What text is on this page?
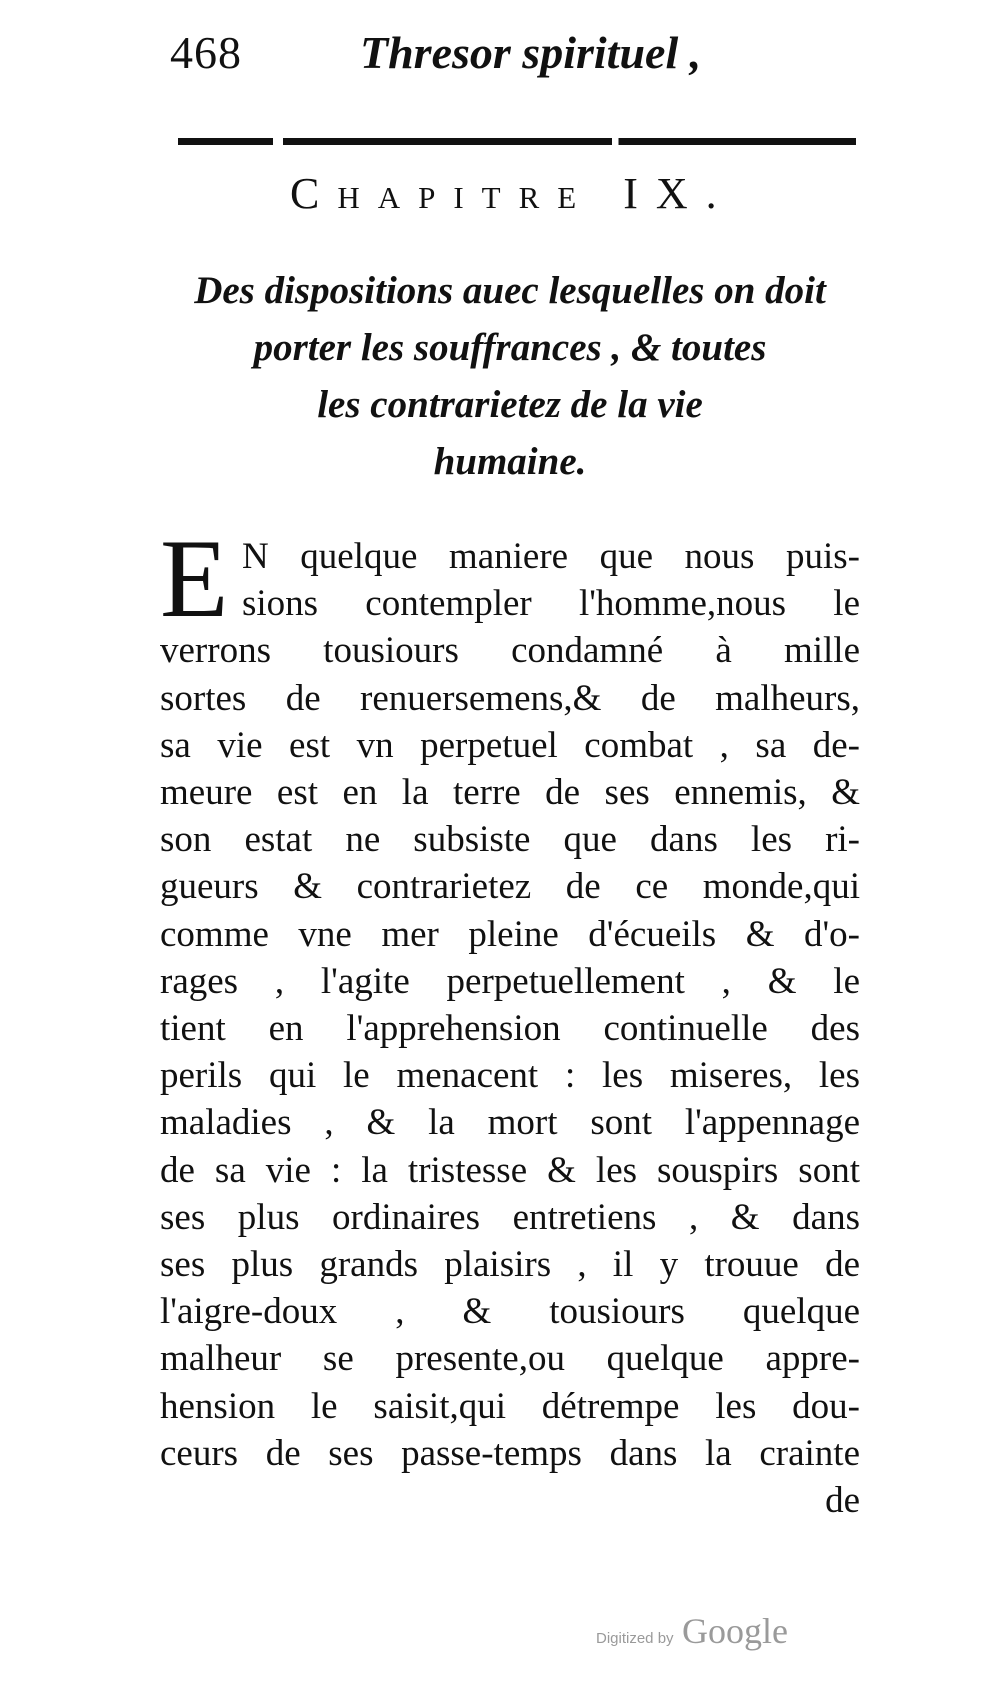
468	Thresor spirituel ,
Chapitre IX.
Des dispositions auec lesquelles on doit
porter les souffrances , & toutes
les contrarietez de la vie
humaine.
E N quelque maniere que nous puis-
sions contempler l'homme,nous le
verrons tousiours condamné à mille
sortes de renuersemens,& de malheurs,
sa vie est vn perpetuel combat , sa de-
meure est en la terre de ses ennemis, &
son estat ne subsiste que dans les ri-
gueurs & contrarietez de ce monde,qui
comme vne mer pleine d'écueils & d'o-
rages , l'agite perpetuellement , & le
tient en l'apprehension continuelle des
perils qui le menacent : les miseres, les
maladies , & la mort sont l'appennage
de sa vie : la tristesse & les souspirs sont
ses plus ordinaires entretiens , & dans
ses plus grands plaisirs , il y trouue de
l'aigre-doux , & tousiours quelque
malheur se presente,ou quelque appre-
hension le saisit,qui détrempe les dou-
ceurs de ses passe-temps dans la crainte
de
Digitized by Google
